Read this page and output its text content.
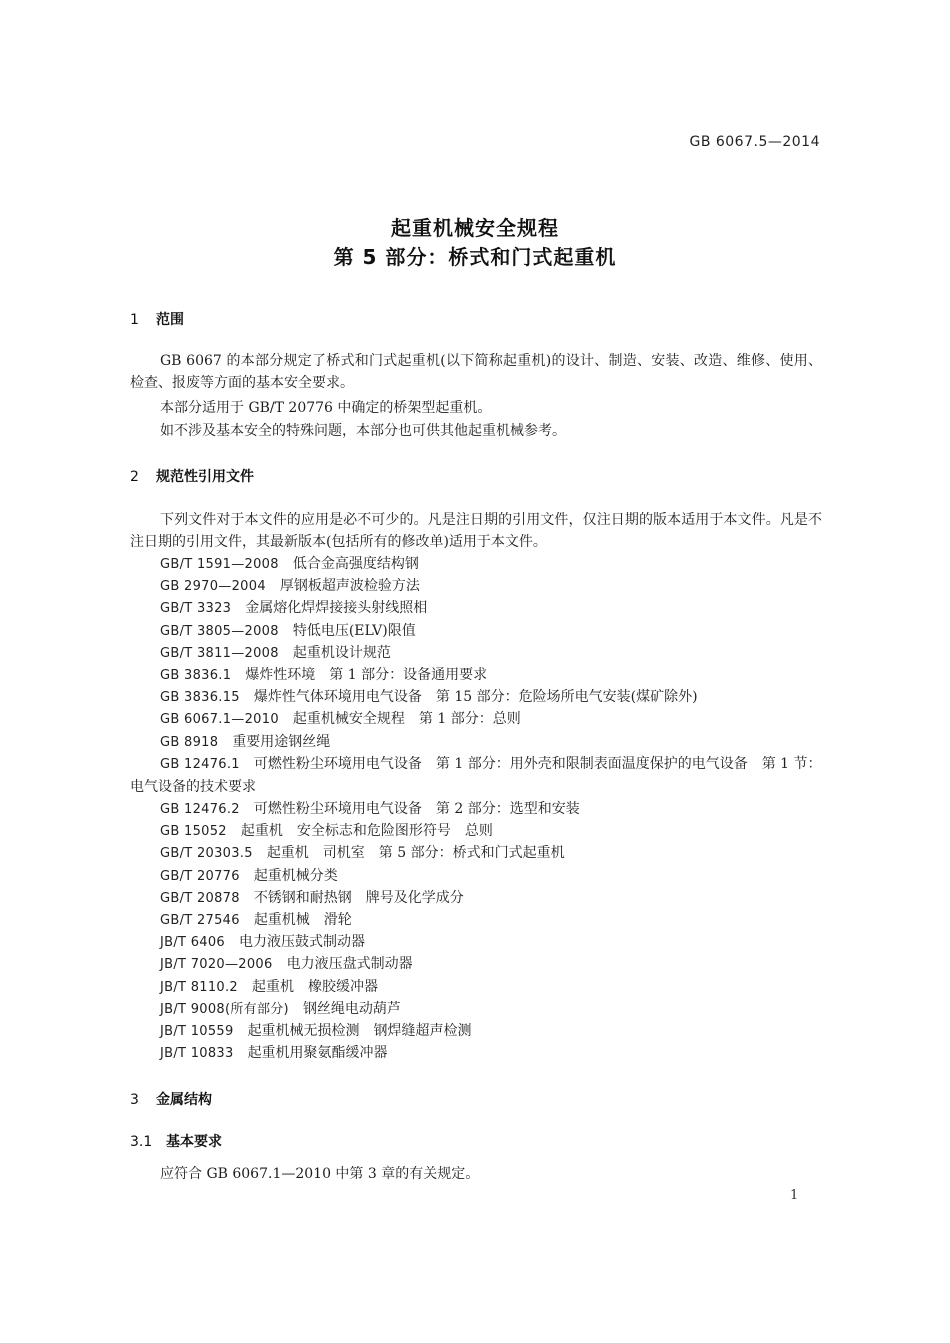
GB 6067.5—2014
起重机械安全规程
第 5 部分：桥式和门式起重机
1 范围
GB 6067 的本部分规定了桥式和门式起重机(以下简称起重机)的设计、制造、安装、改造、维修、使用、检查、报废等方面的基本安全要求。
本部分适用于 GB/T 20776 中确定的桥架型起重机。
如不涉及基本安全的特殊问题，本部分也可供其他起重机械参考。
2 规范性引用文件
下列文件对于本文件的应用是必不可少的。凡是注日期的引用文件，仅注日期的版本适用于本文件。凡是不注日期的引用文件，其最新版本(包括所有的修改单)适用于本文件。
GB/T 1591—2008 低合金高强度结构钢
GB 2970—2004 厚钢板超声波检验方法
GB/T 3323 金属熔化焊焊接接头射线照相
GB/T 3805—2008 特低电压(ELV)限值
GB/T 3811—2008 起重机设计规范
GB 3836.1 爆炸性环境　第 1 部分：设备通用要求
GB 3836.15 爆炸性气体环境用电气设备　第 15 部分：危险场所电气安装(煤矿除外)
GB 6067.1—2010 起重机械安全规程　第 1 部分：总则
GB 8918 重要用途钢丝绳
GB 12476.1 可燃性粉尘环境用电气设备　第 1 部分：用外壳和限制表面温度保护的电气设备　第 1 节：电气设备的技术要求
GB 12476.2 可燃性粉尘环境用电气设备　第 2 部分：选型和安装
GB 15052 起重机　安全标志和危险图形符号　总则
GB/T 20303.5 起重机　司机室　第 5 部分：桥式和门式起重机
GB/T 20776 起重机械分类
GB/T 20878 不锈钢和耐热钢　牌号及化学成分
GB/T 27546 起重机械　滑轮
JB/T 6406 电力液压鼓式制动器
JB/T 7020—2006 电力液压盘式制动器
JB/T 8110.2 起重机　橡胶缓冲器
JB/T 9008(所有部分) 钢丝绳电动葫芦
JB/T 10559 起重机械无损检测　钢焊缝超声检测
JB/T 10833 起重机用聚氨酯缓冲器
3 金属结构
3.1 基本要求
应符合 GB 6067.1—2010 中第 3 章的有关规定。
1
